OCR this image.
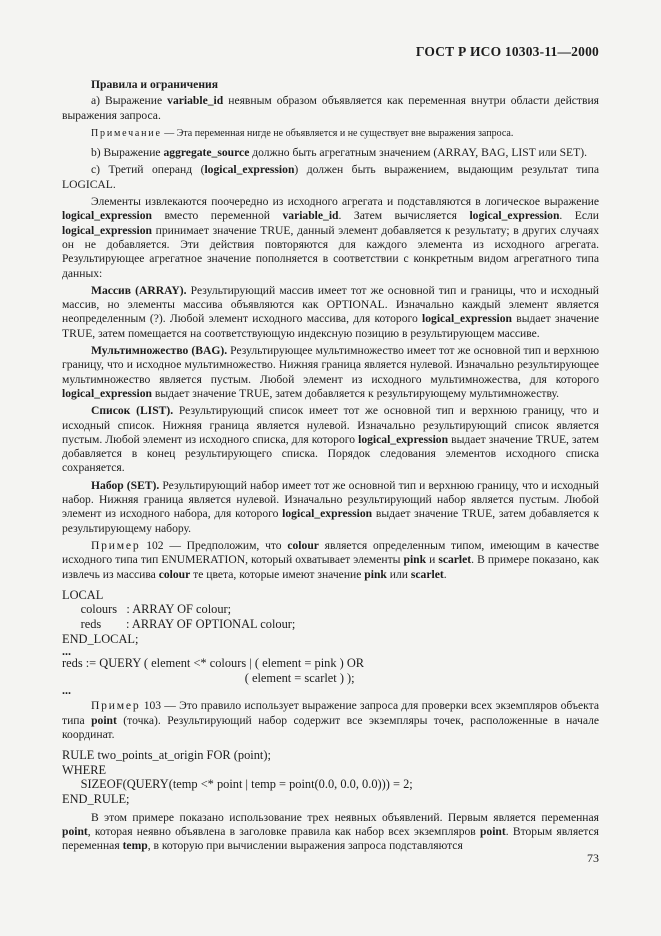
ГОСТ Р ИСО 10303-11—2000

Правила и ограничения

a) Выражение variable_id неявным образом объявляется как переменная внутри области действия выражения запроса.

Примечание — Эта переменная нигде не объявляется и не существует вне выражения запроса.

b) Выражение aggregate_source должно быть агрегатным значением (ARRAY, BAG, LIST или SET).

c) Третий операнд (logical_expression) должен быть выражением, выдающим результат типа LOGICAL.

Элементы извлекаются поочередно из исходного агрегата и подставляются в логическое выражение logical_expression вместо переменной variable_id. Затем вычисляется logical_expression. Если logical_expression принимает значение TRUE, данный элемент добавляется к результату; в других случаях он не добавляется. Эти действия повторяются для каждого элемента из исходного агрегата. Результирующее агрегатное значение пополняется в соответствии с конкретным видом агрегатного типа данных:

Массив (ARRAY). Результирующий массив имеет тот же основной тип и границы, что и исходный массив, но элементы массива объявляются как OPTIONAL. Изначально каждый элемент является неопределенным (?). Любой элемент исходного массива, для которого logical_expression выдает значение TRUE, затем помещается на соответствующую индексную позицию в результирующем массиве.

Мультимножество (BAG). Результирующее мультимножество имеет тот же основной тип и верхнюю границу, что и исходное мультимножество. Нижняя граница является нулевой. Изначально результирующее мультимножество является пустым. Любой элемент из исходного мультимножества, для которого logical_expression выдает значение TRUE, затем добавляется к результирующему мультимножеству.

Список (LIST). Результирующий список имеет тот же основной тип и верхнюю границу, что и исходный список. Нижняя граница является нулевой. Изначально результирующий список является пустым. Любой элемент из исходного списка, для которого logical_expression выдает значение TRUE, затем добавляется в конец результирующего списка. Порядок следования элементов исходного списка сохраняется.

Набор (SET). Результирующий набор имеет тот же основной тип и верхнюю границу, что и исходный набор. Нижняя граница является нулевой. Изначально результирующий набор является пустым. Любой элемент из исходного набора, для которого logical_expression выдает значение TRUE, затем добавляется к результирующему набору.

Пример 102 — Предположим, что colour является определенным типом, имеющим в качестве исходного типа тип ENUMERATION, который охватывает элементы pink и scarlet. В примере показано, как извлечь из массива colour те цвета, которые имеют значение pink или scarlet.

LOCAL
colours   : ARRAY OF colour;
reds        : ARRAY OF OPTIONAL colour;
END_LOCAL;
...
reds := QUERY ( element <* colours | ( element = pink ) OR
( element = scarlet ) );
...

Пример 103 — Это правило использует выражение запроса для проверки всех экземпляров объекта типа point (точка). Результирующий набор содержит все экземпляры точек, расположенные в начале координат.

RULE two_points_at_origin FOR (point);
WHERE
SIZEOF(QUERY(temp <* point | temp = point(0.0, 0.0, 0.0))) = 2;
END_RULE;

В этом примере показано использование трех неявных объявлений. Первым является переменная point, которая неявно объявлена в заголовке правила как набор всех экземпляров point. Вторым является переменная temp, в которую при вычислении выражения запроса подставляются

73
